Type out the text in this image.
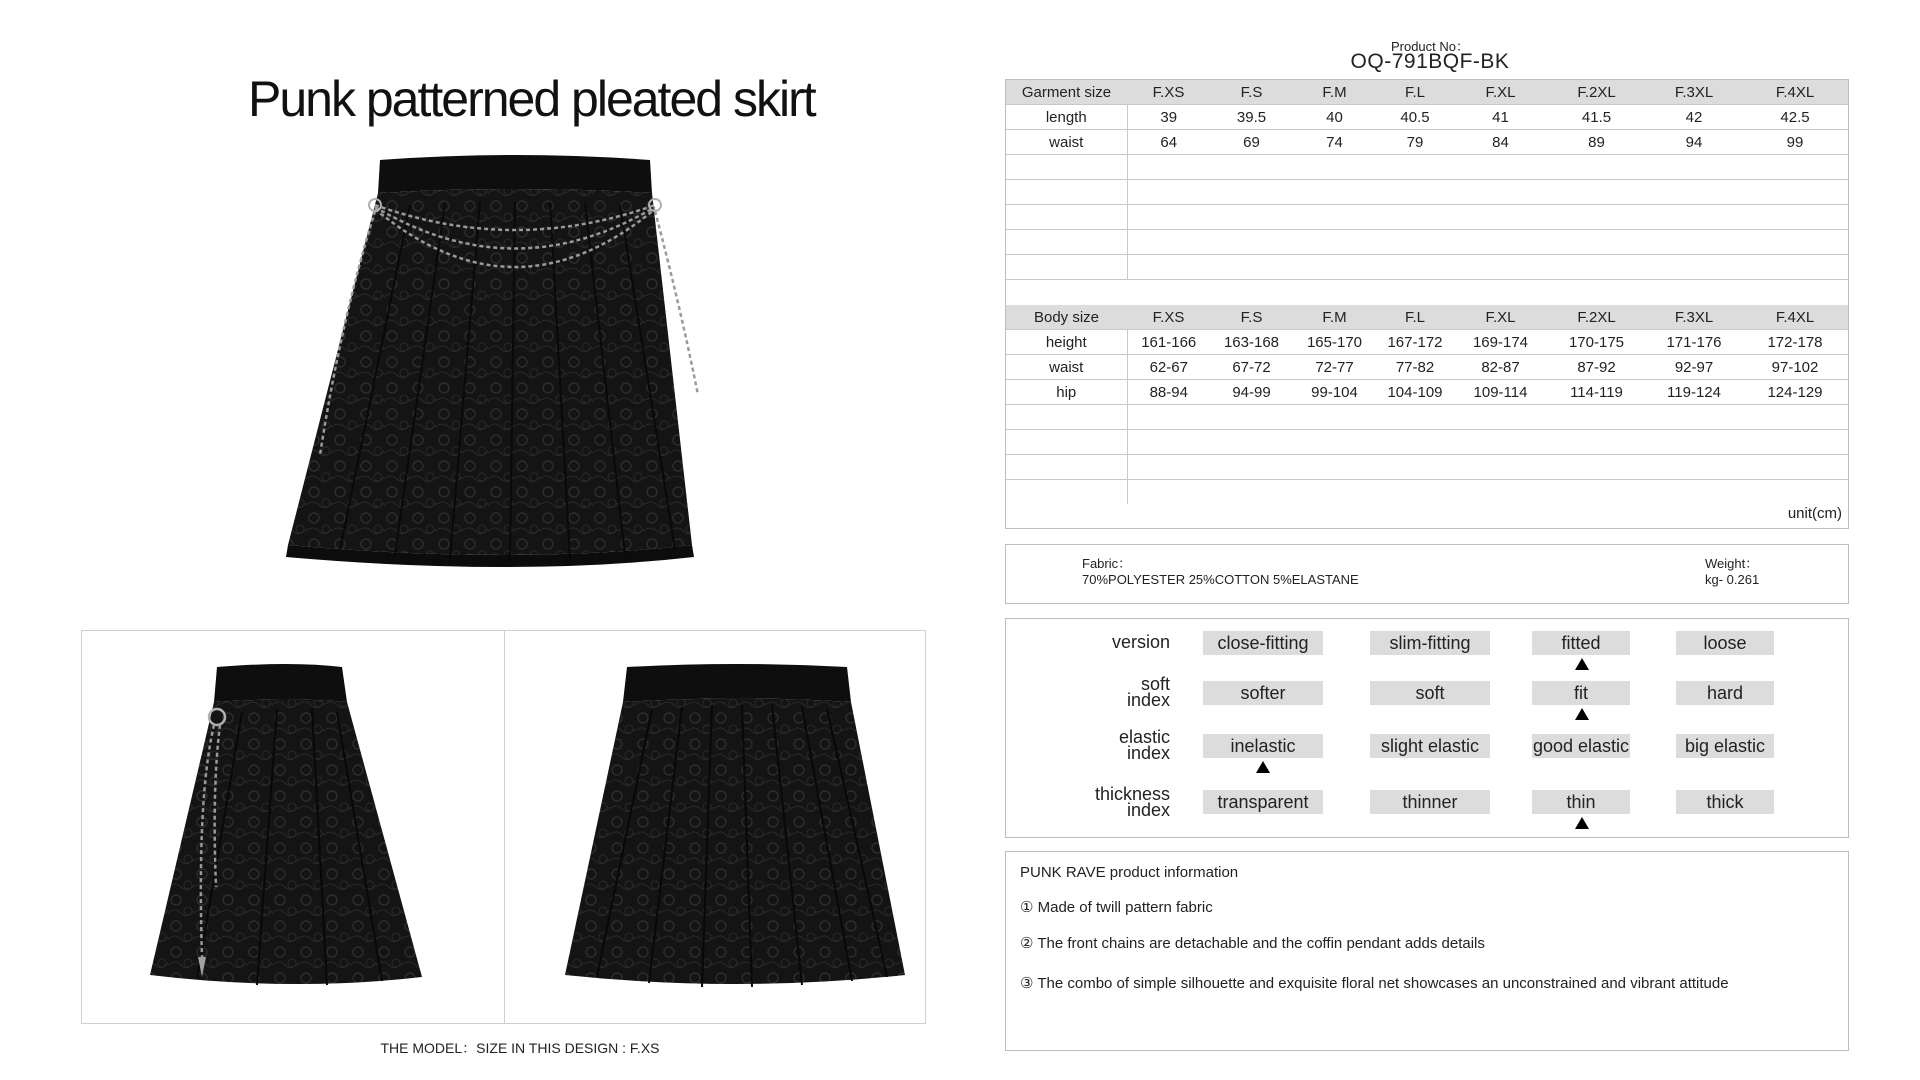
Punk patterned pleated skirt
THE MODEL：SIZE IN THIS DESIGN : F.XS
Product No：
OQ-791BQF-BK
Garment size	F.XS	F.S	F.M	F.L	F.XL	F.2XL	F.3XL	F.4XL
length	39	39.5	40	40.5	41	41.5	42	42.5
waist	64	69	74	79	84	89	94	99

Body size	F.XS	F.S	F.M	F.L	F.XL	F.2XL	F.3XL	F.4XL
height	161-166	163-168	165-170	167-172	169-174	170-175	171-176	172-178
waist	62-67	67-72	72-77	77-82	82-87	87-92	92-97	97-102
hip	88-94	94-99	99-104	104-109	109-114	114-119	119-124	124-129

unit(cm)
Fabric：
70%POLYESTER 25%COTTON 5%ELASTANE
Weight：
kg- 0.261
version	close-fitting	slim-fitting	fitted	loose
soft
index	softer	soft	fit	hard
elastic
index	inelastic	slight elastic	good elastic	big elastic
thickness
index	transparent	thinner	thin	thick
PUNK RAVE product information
① Made of twill pattern fabric
② The front chains are detachable and the coffin pendant adds details
③ The combo of simple silhouette and exquisite floral net showcases an unconstrained and vibrant attitude
